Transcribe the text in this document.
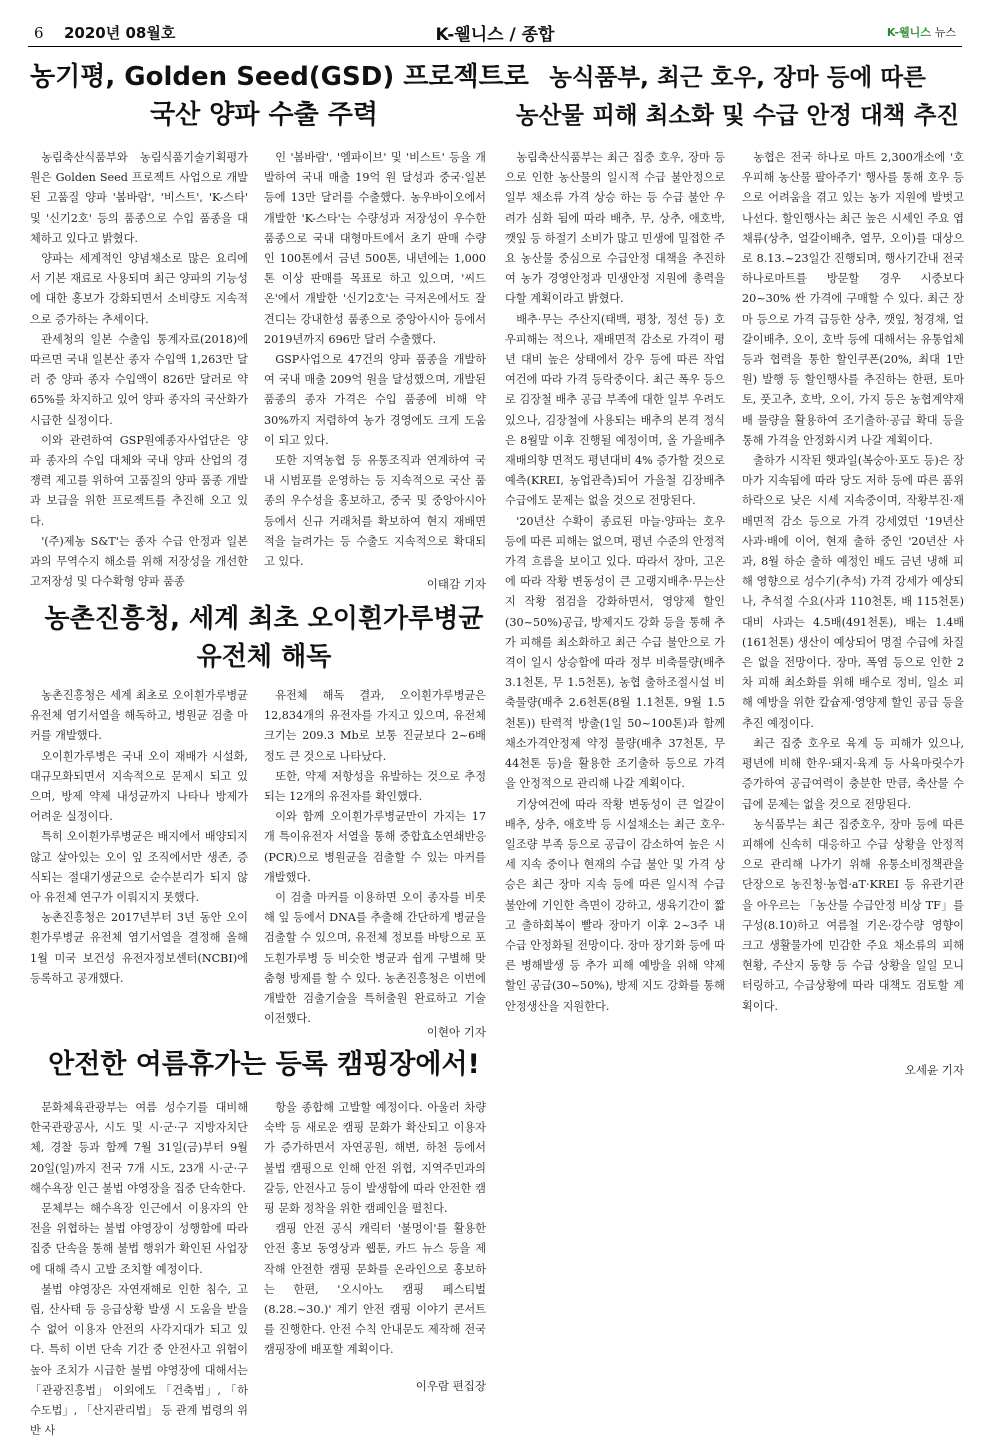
6 2020년 08월호	K-웰니스 / 종합	K-웰니스 뉴스
농기평, Golden Seed(GSD) 프로젝트로
국산 양파 수출 주력

농림축산식품부와 농림식품기술기획평가원은 Golden Seed 프로젝트 사업으로 개발된 고품질 양파 '봄바람', '비스트', 'K-스타' 및 '신기2호' 등의 품종으로 수입 품종을 대체하고 있다고 밝혔다.

양파는 세계적인 양념채소로 많은 요리에서 기본 재료로 사용되며 최근 양파의 기능성에 대한 홍보가 강화되면서 소비량도 지속적으로 증가하는 추세이다.

관세청의 일본 수출입 통계자료(2018)에 따르면 국내 일본산 종자 수입액 1,263만 달러 중 양파 종자 수입액이 826만 달러로 약 65%를 차지하고 있어 양파 종자의 국산화가 시급한 실정이다.

이와 관련하여 GSP원예종자사업단은 양파 종자의 수입 대체와 국내 양파 산업의 경쟁력 제고를 위하여 고품질의 양파 품종 개발과 보급을 위한 프로젝트를 추진해 오고 있다.

'(주)제농 S&T'는 종자 수급 안정과 일본과의 무역수지 해소를 위해 저장성을 개선한 고저장성 및 다수확형 양파 품종

인 '봄바람', '엠파이브' 및 '비스트' 등을 개발하여 국내 매출 19억 원 달성과 중국·일본 등에 13만 달러를 수출했다. 농우바이오에서 개발한 'K-스타'는 수량성과 저장성이 우수한 품종으로 국내 대형마트에서 초기 판매 수량인 100톤에서 금년 500톤, 내년에는 1,000톤 이상 판매를 목표로 하고 있으며, '씨드온'에서 개발한 '신기2호'는 극저온에서도 잘 견디는 강내한성 품종으로 중앙아시아 등에서 2019년까지 696만 달러 수출했다.

GSP사업으로 47건의 양파 품종을 개발하여 국내 매출 209억 원을 달성했으며, 개발된 품종의 종자 가격은 수입 품종에 비해 약 30%까지 저렴하여 농가 경영에도 크게 도움이 되고 있다.

또한 지역농협 등 유통조직과 연계하여 국내 시범포를 운영하는 등 지속적으로 국산 품종의 우수성을 홍보하고, 중국 및 중앙아시아 등에서 신규 거래처를 확보하여 현지 재배면적을 늘려가는 등 수출도 지속적으로 확대되고 있다.

이태감 기자
농식품부, 최근 호우, 장마 등에 따른
농산물 피해 최소화 및 수급 안정 대책 추진

농림축산식품부는 최근 집중 호우, 장마 등으로 인한 농산물의 일시적 수급 불안정으로 일부 채소류 가격 상승 하는 등 수급 불안 우려가 심화 됨에 따라 배추, 무, 상추, 애호박, 깻잎 등 하절기 소비가 많고 민생에 밀접한 주요 농산물 중심으로 수급안정 대책을 추진하여 농가 경영안정과 민생안정 지원에 총력을 다할 계획이라고 밝혔다.

배추·무는 주산지(태백, 평창, 정선 등) 호우피해는 적으나, 재배면적 감소로 가격이 평년 대비 높은 상태에서 강우 등에 따른 작업 여건에 따라 가격 등락중이다. 최근 폭우 등으로 김장철 배추 공급 부족에 대한 일부 우려도 있으나, 김장철에 사용되는 배추의 본격 정식은 8월말 이후 진행될 예정이며, 올 가을배추 재배의향 면적도 평년대비 4% 증가할 것으로 예측(KREI, 농업관측)되어 가을철 김장배추 수급에도 문제는 없을 것으로 전망된다.

'20년산 수확이 종료된 마늘·양파는 호우 등에 따른 피해는 없으며, 평년 수준의 안정적 가격 흐름을 보이고 있다. 따라서 장마, 고온에 따라 작황 변동성이 큰 고랭지배추·무는산지 작황 점검을 강화하면서, 영양제 할인(30~50%)공급, 방제지도 강화 등을 통해 추가 피해를 최소화하고 최근 수급 불안으로 가격이 일시 상승함에 따라 정부 비축물량(배추 3.1천톤, 무 1.5천톤), 농협 출하조절시설 비축물량(배추 2.6천톤(8월 1.1천톤, 9월 1.5천톤)) 탄력적 방출(1일 50~100톤)과 함께채소가격안정제 약정 물량(배추 37천톤, 무 44천톤 등)을 활용한 조기출하 등으로 가격을 안정적으로 관리해 나갈 계획이다.

기상여건에 따라 작황 변동성이 큰 얼갈이배추, 상추, 애호박 등 시설채소는 최근 호우·일조량 부족 등으로 공급이 감소하여 높은 시세 지속 중이나 현재의 수급 불안 및 가격 상승은 최근 장마 지속 등에 따른 일시적 수급 불안에 기인한 측면이 강하고, 생육기간이 짧고 출하회복이 빨라 장마기 이후 2~3주 내 수급 안정화될 전망이다. 장마 장기화 등에 따른 병해발생 등 추가 피해 예방을 위해 약제 할인 공급(30~50%), 방제 지도 강화를 통해 안정생산을 지원한다.

농협은 전국 하나로 마트 2,300개소에 '호우피해 농산물 팔아주기' 행사를 통해 호우 등으로 어려움을 겪고 있는 농가 지원에 발벗고 나선다. 할인행사는 최근 높은 시세인 주요 엽채류(상추, 얼갈이배추, 열무, 오이)를 대상으로 8.13.~23일간 진행되며, 행사기간내 전국 하나로마트를 방문할 경우 시중보다 20~30% 싼 가격에 구매할 수 있다. 최근 장마 등으로 가격 급등한 상추, 깻잎, 청경채, 얼갈이배추, 오이, 호박 등에 대해서는 유통업체 등과 협력을 통한 할인쿠폰(20%, 최대 1만원) 발행 등 할인행사를 추진하는 한편, 토마토, 풋고추, 호박, 오이, 가지 등은 농협계약재배 물량을 활용하여 조기출하·공급 확대 등을 통해 가격을 안정화시켜 나갈 계획이다.

출하가 시작된 햇과일(복숭아·포도 등)은 장마가 지속됨에 따라 당도 저하 등에 따른 품위 하락으로 낮은 시세 지속중이며, 작황부진·재배면적 감소 등으로 가격 강세였던 '19년산 사과·배에 이어, 현재 출하 중인 '20년산 사과, 8월 하순 출하 예정인 배도 금년 냉해 피해 영향으로 성수기(추석) 가격 강세가 예상되나, 추석절 수요(사과 110천톤, 배 115천톤) 대비 사과는 4.5배(491천톤), 배는 1.4배(161천톤) 생산이 예상되어 명절 수급에 차질은 없을 전망이다. 장마, 폭염 등으로 인한 2차 피해 최소화를 위해 배수로 정비, 일소 피해 예방을 위한 칼슘제·영양제 할인 공급 등을 추진 예정이다.

최근 집중 호우로 육계 등 피해가 있으나, 평년에 비해 한우·돼지·육계 등 사육마릿수가 증가하여 공급여력이 충분한 만큼, 축산물 수급에 문제는 없을 것으로 전망된다.

농식품부는 최근 집중호우, 장마 등에 따른 피해에 신속히 대응하고 수급 상황을 안정적으로 관리해 나가기 위해 유통소비정책관을 단장으로 농진청·농협·aT·KREI 등 유관기관을 아우르는 「농산물 수급안정 비상 TF」를 구성(8.10)하고 여름철 기온·강수량 영향이 크고 생활물가에 민감한 주요 채소류의 피해 현황, 주산지 동향 등 수급 상황을 일일 모니터링하고, 수급상황에 따라 대책도 검토할 계획이다.

오세윤 기자
농촌진흥청, 세계 최초 오이흰가루병균
유전체 해독

농촌진흥청은 세계 최초로 오이흰가루병균 유전체 염기서열을 해독하고, 병원균 검출 마커를 개발했다.

오이흰가루병은 국내 오이 재배가 시설화, 대규모화되면서 지속적으로 문제시 되고 있으며, 방제 약제 내성균까지 나타나 방제가 어려운 실정이다.

특히 오이흰가루병균은 배지에서 배양되지 않고 살아있는 오이 잎 조직에서만 생존, 증식되는 절대기생균으로 순수분리가 되지 않아 유전체 연구가 이뤄지지 못했다.

농촌진흥청은 2017년부터 3년 동안 오이흰가루병균 유전체 염기서열을 결정해 올해 1월 미국 보건성 유전자정보센터(NCBI)에 등록하고 공개했다.

유전체 해독 결과, 오이흰가루병균은 12,834개의 유전자를 가지고 있으며, 유전체 크기는 209.3 Mb로 보통 진균보다 2~6배 정도 큰 것으로 나타났다.

또한, 약제 저항성을 유발하는 것으로 추정되는 12개의 유전자를 확인했다.

이와 함께 오이흰가루병균만이 가지는 17개 특이유전자 서열을 통해 중합효소연쇄반응(PCR)으로 병원균을 검출할 수 있는 마커를 개발했다.

이 검출 마커를 이용하면 오이 종자를 비롯해 잎 등에서 DNA를 추출해 간단하게 병균을 검출할 수 있으며, 유전체 정보를 바탕으로 포도흰가루병 등 비슷한 병균과 쉽게 구별해 맞춤형 방제를 할 수 있다. 농촌진흥청은 이번에 개발한 검출기술을 특허출원 완료하고 기술 이전했다.

이현아 기자
안전한 여름휴가는 등록 캠핑장에서!

문화체육관광부는 여름 성수기를 대비해 한국관광공사, 시도 및 시·군·구 지방자치단체, 경찰 등과 함께 7월 31일(금)부터 9월 20일(일)까지 전국 7개 시도, 23개 시·군·구 해수욕장 인근 불법 야영장을 집중 단속한다.

문체부는 해수욕장 인근에서 이용자의 안전을 위협하는 불법 야영장이 성행함에 따라 집중 단속을 통해 불법 행위가 확인된 사업장에 대해 즉시 고발 조치할 예정이다.

불법 야영장은 자연재해로 인한 침수, 고립, 산사태 등 응급상황 발생 시 도움을 받을 수 없어 이용자 안전의 사각지대가 되고 있다. 특히 이번 단속 기간 중 안전사고 위험이 높아 조치가 시급한 불법 야영장에 대해서는 「관광진흥법」 이외에도 「건축법」, 「하수도법」, 「산지관리법」 등 관계 법령의 위반 사

항을 종합해 고발할 예정이다. 아울러 차량 숙박 등 새로운 캠핑 문화가 확산되고 이용자가 증가하면서 자연공원, 해변, 하천 등에서 불법 캠핑으로 인해 안전 위협, 지역주민과의 갈등, 안전사고 등이 발생함에 따라 안전한 캠핑 문화 정착을 위한 캠페인을 펼친다.

캠핑 안전 공식 캐릭터 '불멍이'를 활용한 안전 홍보 동영상과 웹툰, 카드 뉴스 등을 제작해 안전한 캠핑 문화를 온라인으로 홍보하는 한편, '오시아노 캠핑 페스티벌(8.28.~30.)' 계기 안전 캠핑 이야기 콘서트를 진행한다. 안전 수칙 안내문도 제작해 전국 캠핑장에 배포할 계획이다.

이우람 편집장
